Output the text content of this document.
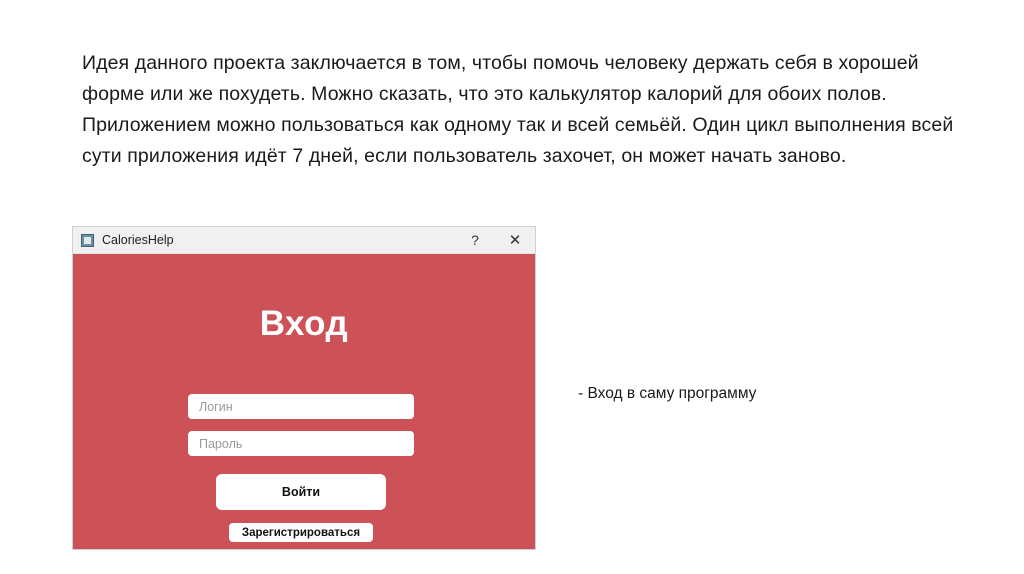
Идея данного проекта заключается в том, чтобы помочь человеку держать себя в хорошей форме или же похудеть. Можно сказать, что это калькулятор калорий для обоих полов. Приложением можно пользоваться как одному так и всей семьёй. Один цикл выполнения всей сути приложения идёт 7 дней, если пользователь захочет, он может начать заново.
CaloriesHelp	?	✕
Вход
Логин
Пароль
Войти
Зарегистрироваться
- Вход в саму программу
